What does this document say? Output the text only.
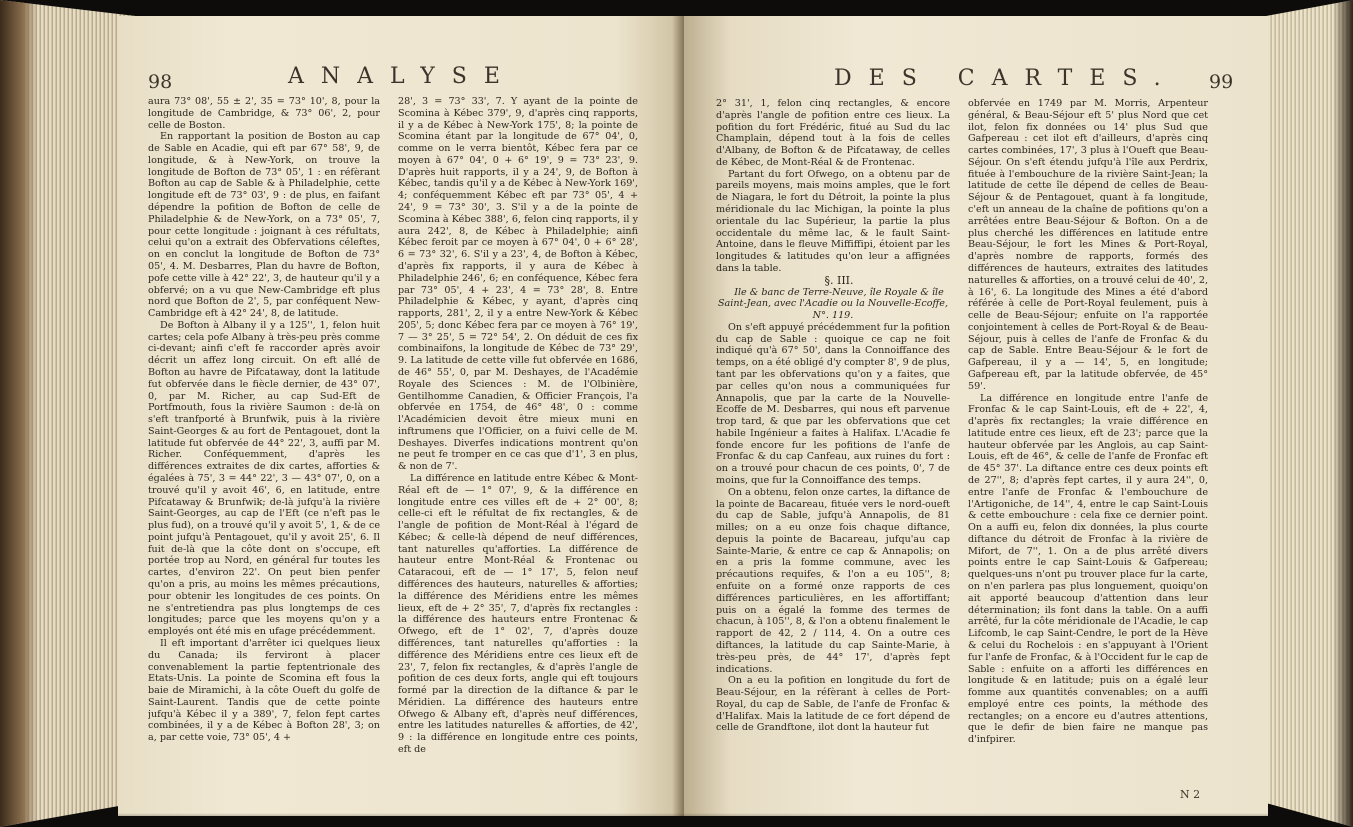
98	ANALYSE

aura 73° 08', 55 ± 2', 35 = 73° 10', 8, pour la longitude de Cambridge, & 73° 06', 2, pour celle de Boston.

En rapportant la position de Boston au cap de Sable en Acadie, qui eft par 67° 58', 9, de longitude, & à New-York, on trouve la longitude de Bofton de 73° 05', 1 : en réfèrant Bofton au cap de Sable & à Philadelphie, cette longitude eft de 73° 03', 9 : de plus, en faifant dépendre la pofition de Bofton de celle de Philadelphie & de New-York, on a 73° 05', 7, pour cette longitude : joignant à ces réfultats, celui qu'on a extrait des Obfervations céleftes, on en conclut la longitude de Bofton de 73° 05', 4. M. Desbarres, Plan du havre de Bofton, pofe cette ville à 42° 22', 3, de hauteur qu'il y a obfervé; on a vu que New-Cambridge eft plus nord que Bofton de 2', 5, par conféquent New-Cambridge eft à 42° 24', 8, de latitude.

De Bofton à Albany il y a 125'', 1, felon huit cartes; cela pofe Albany à très-peu près comme ci-devant; ainfi c'eft fe raccorder après avoir décrit un affez long circuit. On eft allé de Bofton au havre de Pifcataway, dont la latitude fut obfervée dans le fiècle dernier, de 43° 07', 0, par M. Richer, au cap Sud-Eft de Portfmouth, fous la rivière Saumon : de-là on s'eft tranfporté à Brunfwik, puis à la rivière Saint-Georges & au fort de Pentagouet, dont la latitude fut obfervée de 44° 22', 3, auffi par M. Richer. Conféquemment, d'après les différences extraites de dix cartes, afforties & égalées à 75', 3 = 44° 22', 3 — 43° 07', 0, on a trouvé qu'il y avoit 46', 6, en latitude, entre Pifcataway & Brunfwik; de-là jufqu'à la rivière Saint-Georges, au cap de l'Eft (ce n'eft pas le plus fud), on a trouvé qu'il y avoit 5', 1, & de ce point jufqu'à Pentagouet, qu'il y avoit 25', 6. Il fuit de-là que la côte dont on s'occupe, eft portée trop au Nord, en général fur toutes les cartes, d'environ 22'. On peut bien penfer qu'on a pris, au moins les mêmes précautions, pour obtenir les longitudes de ces points. On ne s'entretiendra pas plus longtemps de ces longitudes; parce que les moyens qu'on y a employés ont été mis en ufage précédemment.

Il eft important d'arrêter ici quelques lieux du Canada; ils ferviront à placer convenablement la partie feptentrionale des Etats-Unis. La pointe de Scomina eft fous la baie de Miramichi, à la côte Oueft du golfe de Saint-Laurent. Tandis que de cette pointe jufqu'à Kébec il y a 389', 7, felon fept cartes combinées, il y a de Kébec à Bofton 28', 3; on a, par cette voie, 73° 05', 4 +

28', 3 = 73° 33', 7. Y ayant de la pointe de Scomina à Kébec 379', 9, d'après cinq rapports, il y a de Kébec à New-York 175', 8; la pointe de Scomina étant par la longitude de 67° 04', 0, comme on le verra bientôt, Kébec fera par ce moyen à 67° 04', 0 + 6° 19', 9 = 73° 23', 9. D'après huit rapports, il y a 24', 9, de Bofton à Kébec, tandis qu'il y a de Kébec à New-York 169', 4; conféquemment Kébec eft par 73° 05', 4 + 24', 9 = 73° 30', 3. S'il y a de la pointe de Scomina à Kébec 388', 6, felon cinq rapports, il y aura 242', 8, de Kébec à Philadelphie; ainfi Kébec feroit par ce moyen à 67° 04', 0 + 6° 28', 6 = 73° 32', 6. S'il y a 23', 4, de Bofton à Kébec, d'après fix rapports, il y aura de Kébec à Philadelphie 246', 6; en conféquence, Kébec fera par 73° 05', 4 + 23', 4 = 73° 28', 8. Entre Philadelphie & Kébec, y ayant, d'après cinq rapports, 281', 2, il y a entre New-York & Kébec 205', 5; donc Kébec fera par ce moyen à 76° 19', 7 — 3° 25', 5 = 72° 54', 2. On déduit de ces fix combinaifons, la longitude de Kébec de 73° 29', 9. La latitude de cette ville fut obfervée en 1686, de 46° 55', 0, par M. Deshayes, de l'Académie Royale des Sciences : M. de l'Olbinière, Gentilhomme Canadien, & Officier François, l'a obfervée en 1754, de 46° 48', 0 : comme l'Académicien devoit être mieux muni en inftrumens que l'Officier, on a fuivi celle de M. Deshayes. Diverfes indications montrent qu'on ne peut fe tromper en ce cas que d'1', 3 en plus, & non de 7'.

La différence en latitude entre Kébec & Mont-Réal eft de — 1° 07', 9, & la différence en longitude entre ces villes eft de + 2° 00', 8; celle-ci eft le réfultat de fix rectangles, & de l'angle de pofition de Mont-Réal à l'égard de Kébec; & celle-là dépend de neuf différences, tant naturelles qu'afforties. La différence de hauteur entre Mont-Réal & Frontenac ou Cataracoui, eft de — 1° 17', 5, felon neuf différences des hauteurs, naturelles & afforties; la différence des Méridiens entre les mêmes lieux, eft de + 2° 35', 7, d'après fix rectangles : la différence des hauteurs entre Frontenac & Ofwego, eft de 1° 02', 7, d'après douze différences, tant naturelles qu'afforties : la différence des Méridiens entre ces lieux eft de 23', 7, felon fix rectangles, & d'après l'angle de pofition de ces deux forts, angle qui eft toujours formé par la direction de la diftance & par le Méridien. La différence des hauteurs entre Ofwego & Albany eft, d'après neuf différences, entre les latitudes naturelles & afforties, de 42', 9 : la différence en longitude entre ces points, eft de

DES CARTES. 99

2° 31', 1, felon cinq rectangles, & encore d'après l'angle de pofition entre ces lieux. La pofition du fort Frédéric, fitué au Sud du lac Champlain, dépend tout à la fois de celles d'Albany, de Bofton & de Pifcataway, de celles de Kébec, de Mont-Réal & de Frontenac.

Partant du fort Ofwego, on a obtenu par de pareils moyens, mais moins amples, que le fort de Niagara, le fort du Détroit, la pointe la plus méridionale du lac Michigan, la pointe la plus orientale du lac Supérieur, la partie la plus occidentale du même lac, & le fault Saint-Antoine, dans le fleuve Miffiffipi, étoient par les longitudes & latitudes qu'on leur a affignées dans la table.

§. III.

Ile & banc de Terre-Neuve, île Royale & île Saint-Jean, avec l'Acadie ou la Nouvelle-Ecoffe, N°. 119.

On s'eft appuyé précédemment fur la pofition du cap de Sable : quoique ce cap ne foit indiqué qu'à 67° 50', dans la Connoiffance des temps, on a été obligé d'y compter 8', 9 de plus, tant par les obfervations qu'on y a faites, que par celles qu'on nous a communiquées fur Annapolis, que par la carte de la Nouvelle-Ecoffe de M. Desbarres, qui nous eft parvenue trop tard, & que par les obfervations que cet habile Ingénieur a faites à Halifax. L'Acadie fe fonde encore fur les pofitions de l'anfe de Fronfac & du cap Canfeau, aux ruines du fort : on a trouvé pour chacun de ces points, 0', 7 de moins, que fur la Connoiffance des temps.

On a obtenu, felon onze cartes, la diftance de la pointe de Bacareau, fituée vers le nord-oueft du cap de Sable, jufqu'à Annapolis, de 81 milles; on a eu onze fois chaque diftance, depuis la pointe de Bacareau, jufqu'au cap Sainte-Marie, & entre ce cap & Annapolis; on en a pris la fomme commune, avec les précautions requifes, & l'on a eu 105'', 8; enfuite on a formé onze rapports de ces différences particulières, en les affortiffant; puis on a égalé la fomme des termes de chacun, à 105'', 8, & l'on a obtenu finalement le rapport de 42, 2 / 114, 4. On a outre ces diftances, la latitude du cap Sainte-Marie, à très-peu près, de 44° 17', d'après fept indications.

On a eu la pofition en longitude du fort de Beau-Séjour, en la réfèrant à celles de Port-Royal, du cap de Sable, de l'anfe de Fronfac & d'Halifax. Mais la latitude de ce fort dépend de celle de Grandftone, ilot dont la hauteur fut

obfervée en 1749 par M. Morris, Arpenteur général, & Beau-Séjour eft 5' plus Nord que cet ilot, felon fix données ou 14' plus Sud que Gafpereau : cet ilot eft d'ailleurs, d'après cinq cartes combinées, 17', 3 plus à l'Oueft que Beau-Séjour. On s'eft étendu jufqu'à l'île aux Perdrix, fituée à l'embouchure de la rivière Saint-Jean; la latitude de cette île dépend de celles de Beau-Séjour & de Pentagouet, quant à fa longitude, c'eft un anneau de la chaîne de pofitions qu'on a arrêtées entre Beau-Séjour & Bofton. On a de plus cherché les différences en latitude entre Beau-Séjour, le fort les Mines & Port-Royal, d'après nombre de rapports, formés des différences de hauteurs, extraites des latitudes naturelles & afforties, on a trouvé celui de 40', 2, à 16', 6. La longitude des Mines a été d'abord référée à celle de Port-Royal feulement, puis à celle de Beau-Séjour; enfuite on l'a rapportée conjointement à celles de Port-Royal & de Beau-Séjour, puis à celles de l'anfe de Fronfac & du cap de Sable. Entre Beau-Séjour & le fort de Gafpereau, il y a — 14', 5, en longitude; Gafpereau eft, par la latitude obfervée, de 45° 59'.

La différence en longitude entre l'anfe de Fronfac & le cap Saint-Louis, eft de + 22', 4, d'après fix rectangles; la vraie différence en latitude entre ces lieux, eft de 23'; parce que la hauteur obfervée par les Anglois, au cap Saint-Louis, eft de 46°, & celle de l'anfe de Fronfac eft de 45° 37'. La diftance entre ces deux points eft de 27'', 8; d'après fept cartes, il y aura 24'', 0, entre l'anfe de Fronfac & l'embouchure de l'Artigoniche, de 14'', 4, entre le cap Saint-Louis & cette embouchure : cela fixe ce dernier point. On a auffi eu, felon dix données, la plus courte diftance du détroit de Fronfac à la rivière de Mifort, de 7'', 1. On a de plus arrêté divers points entre le cap Saint-Louis & Gafpereau; quelques-uns n'ont pu trouver place fur la carte, on n'en parlera pas plus longuement, quoiqu'on ait apporté beaucoup d'attention dans leur détermination; ils font dans la table. On a auffi arrêté, fur la côte méridionale de l'Acadie, le cap Lifcomb, le cap Saint-Cendre, le port de la Hève & celui du Rochelois : en s'appuyant à l'Orient fur l'anfe de Fronfac, & à l'Occident fur le cap de Sable : enfuite on a afforti les différences en longitude & en latitude; puis on a égalé leur fomme aux quantités convenables; on a auffi employé entre ces points, la méthode des rectangles; on a encore eu d'autres attentions, que le defir de bien faire ne manque pas d'infpirer.

N 2
